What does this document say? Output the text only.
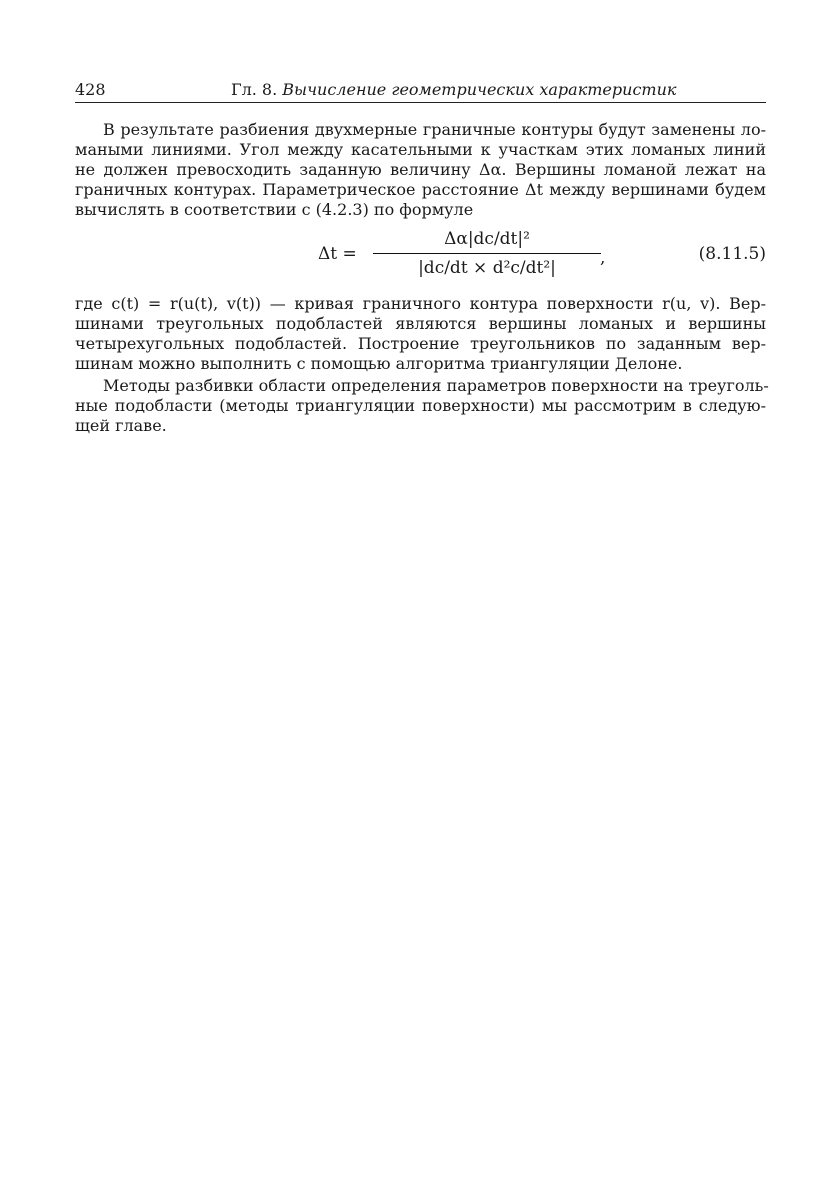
428	Гл. 8. Вычисление геометрических характеристик
В результате разбиения двухмерные граничные контуры будут заменены ло-
маными линиями. Угол между касательными к участкам этих ломаных линий
не должен превосходить заданную величину Δα. Вершины ломаной лежат на
граничных контурах. Параметрическое расстояние Δt между вершинами будем
вычислять в соответствии с (4.2.3) по формуле
Δt =
Δα|dc/dt|²
|dc/dt × d²c/dt²|	,	(8.11.5)
где c(t) = r(u(t), v(t)) — кривая граничного контура поверхности r(u, v). Вер-
шинами треугольных подобластей являются вершины ломаных и вершины
четырехугольных подобластей. Построение треугольников по заданным вер-
шинам можно выполнить с помощью алгоритма триангуляции Делоне.
Методы разбивки области определения параметров поверхности на треуголь-
ные подобласти (методы триангуляции поверхности) мы рассмотрим в следую-
щей главе.
